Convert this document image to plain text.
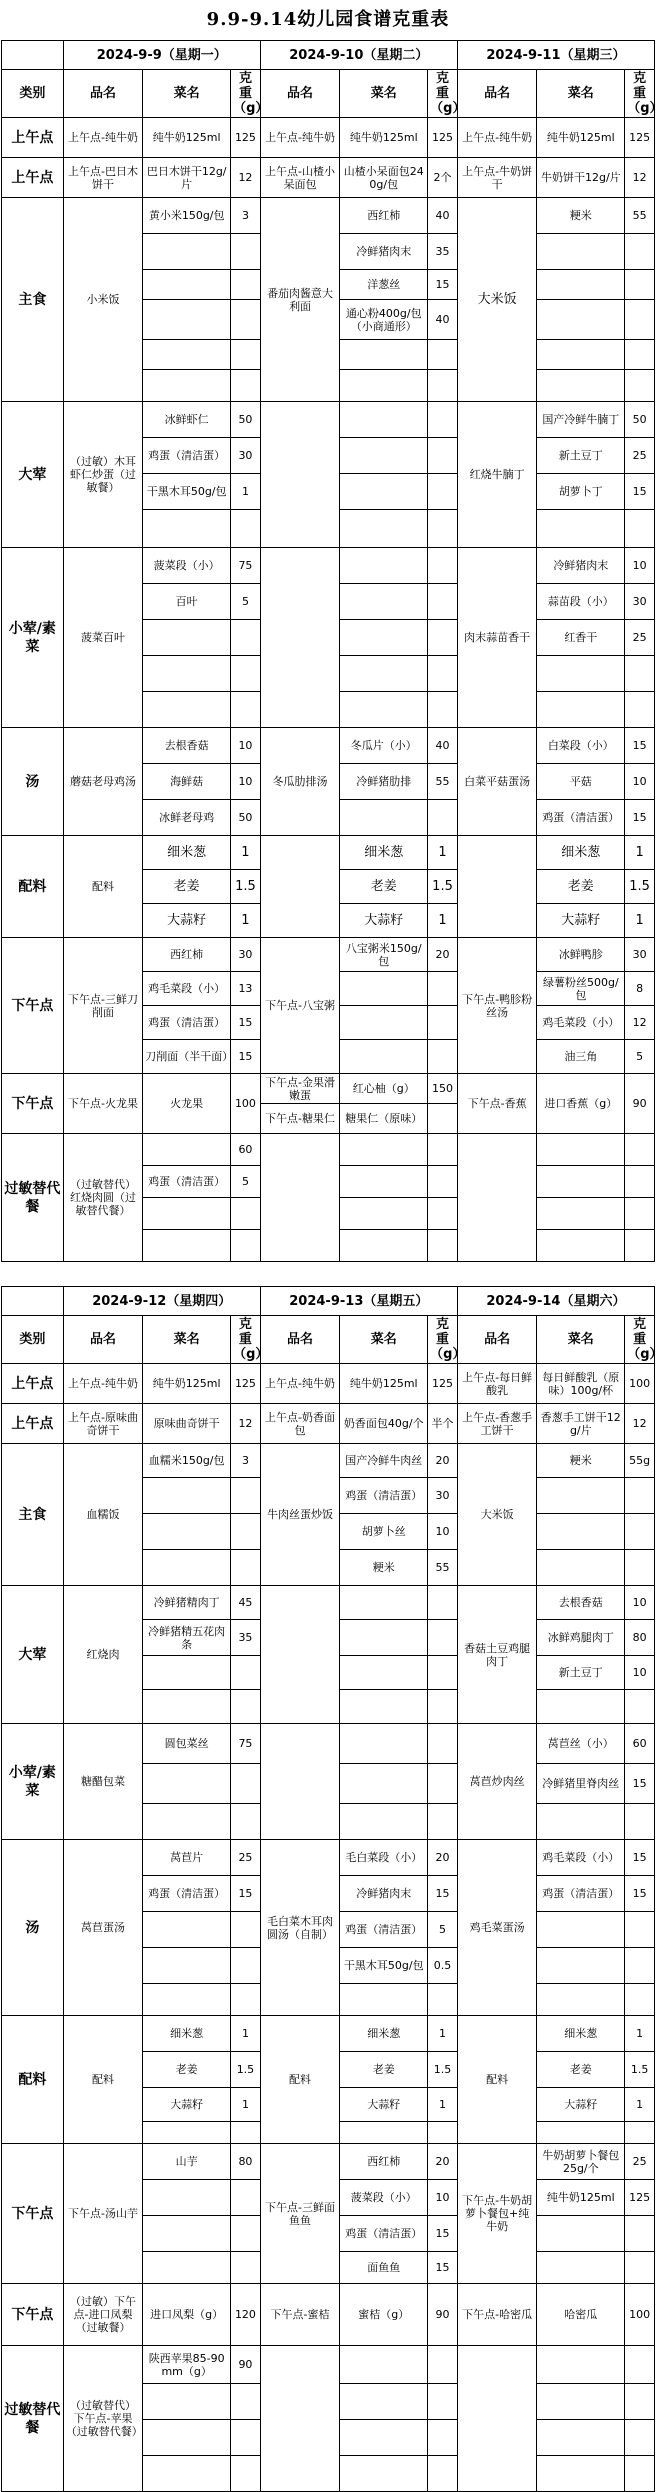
9.9-9.14幼儿园食谱克重表
	2024-9-9（星期一）			2024-9-10（星期二）			2024-9-11（星期三）		
类别	品名	菜名	克重（g）	品名	菜名	克重（g）	品名	菜名	克重（g）
上午点	上午点-纯牛奶	纯牛奶125ml	125	上午点-纯牛奶	纯牛奶125ml	125	上午点-纯牛奶	纯牛奶125ml	125
上午点	上午点-巴日木饼干	巴日木饼干12g/片	12	上午点-山楂小呆面包	山楂小呆面包240g/包	2个	上午点-牛奶饼干	牛奶饼干12g/片	12
主食	小米饭	黄小米150g/包	3	番茄肉酱意大利面	西红柿	40	大米饭	粳米	55
					冷鲜猪肉末	35			
					洋葱丝	15			
					通心粉400g/包（小商通形）	40			

大荤	（过敏）木耳虾仁炒蛋（过敏餐）	冰鲜虾仁	50				红烧牛腩丁	国产冷鲜牛腩丁	50
		鸡蛋（清洁蛋）	30					新土豆丁	25
		干黑木耳50g/包	1					胡萝卜丁	15

小荤/素菜	菠菜百叶	菠菜段（小）	75				肉末蒜苗香干	冷鲜猪肉末	10
		百叶	5					蒜苗段（小）	30
								红香干	25

汤	蘑菇老母鸡汤	去根香菇	10	冬瓜肋排汤	冬瓜片（小）	40	白菜平菇蛋汤	白菜段（小）	15
		海鲜菇	10		冷鲜猪肋排	55		平菇	10
		冰鲜老母鸡	50					鸡蛋（清洁蛋）	15
配料	配料	细米葱	1		细米葱	1		细米葱	1
		老姜	1.5		老姜	1.5		老姜	1.5
		大蒜籽	1		大蒜籽	1		大蒜籽	1
下午点	下午点-三鲜刀削面	西红柿	30	下午点-八宝粥	八宝粥米150g/包	20	下午点-鸭胗粉丝汤	冰鲜鸭胗	30
		鸡毛菜段（小）	13					绿薯粉丝500g/包	8
		鸡蛋（清洁蛋）	15					鸡毛菜段（小）	12
		刀削面（半干面）	15					油三角	5
下午点	下午点-火龙果	火龙果	100	下午点-金果滑嫩蛋	红心柚（g）	150	下午点-香蕉	进口香蕉（g）	90
				下午点-糖果仁	糖果仁（原味）				
过敏替代餐	（过敏替代）红烧肉圆（过敏替代餐）		60						
		鸡蛋（清洁蛋）	5						

	2024-9-12（星期四）			2024-9-13（星期五）			2024-9-14（星期六）		
类别	品名	菜名	克重（g）	品名	菜名	克重（g）	品名	菜名	克重（g）
上午点	上午点-纯牛奶	纯牛奶125ml	125	上午点-纯牛奶	纯牛奶125ml	125	上午点-每日鲜酸乳	每日鲜酸乳（原味）100g/杯	100
上午点	上午点-原味曲奇饼干	原味曲奇饼干	12	上午点-奶香面包	奶香面包40g/个	半个	上午点-香葱手工饼干	香葱手工饼干12g/片	12
主食	血糯饭	血糯米150g/包	3	牛肉丝蛋炒饭	国产冷鲜牛肉丝	20	大米饭	粳米	55g
					鸡蛋（清洁蛋）	30			
					胡萝卜丝	10			
					粳米	55			
大荤	红烧肉	冷鲜猪精肉丁	45				香菇土豆鸡腿肉丁	去根香菇	10
		冷鲜猪精五花肉条	35					冰鲜鸡腿肉丁	80
								新土豆丁	10

小荤/素菜	糖醋包菜	圆包菜丝	75				莴苣炒肉丝	莴苣丝（小）	60
								冷鲜猪里脊肉丝	15

汤	莴苣蛋汤	莴苣片	25	毛白菜木耳肉圆汤（自制）	毛白菜段（小）	20	鸡毛菜蛋汤	鸡毛菜段（小）	15
		鸡蛋（清洁蛋）	15		冷鲜猪肉末	15		鸡蛋（清洁蛋）	15
					鸡蛋（清洁蛋）	5			
					干黑木耳50g/包	0.5			

配料	配料	细米葱	1	配料	细米葱	1	配料	细米葱	1
		老姜	1.5		老姜	1.5		老姜	1.5
		大蒜籽	1		大蒜籽	1		大蒜籽	1

下午点	下午点-汤山芋	山芋	80	下午点-三鲜面鱼鱼	西红柿	20	下午点-牛奶胡萝卜餐包+纯牛奶	牛奶胡萝卜餐包25g/个	25
					菠菜段（小）	10		纯牛奶125ml	125
					鸡蛋（清洁蛋）	15			
					面鱼鱼	15			
下午点	（过敏）下午点-进口凤梨（过敏餐）	进口凤梨（g）	120	下午点-蜜桔	蜜桔（g）	90	下午点-哈密瓜	哈密瓜	100
过敏替代餐	（过敏替代）下午点-苹果（过敏替代餐）	陕西苹果85-90mm（g）	90						
